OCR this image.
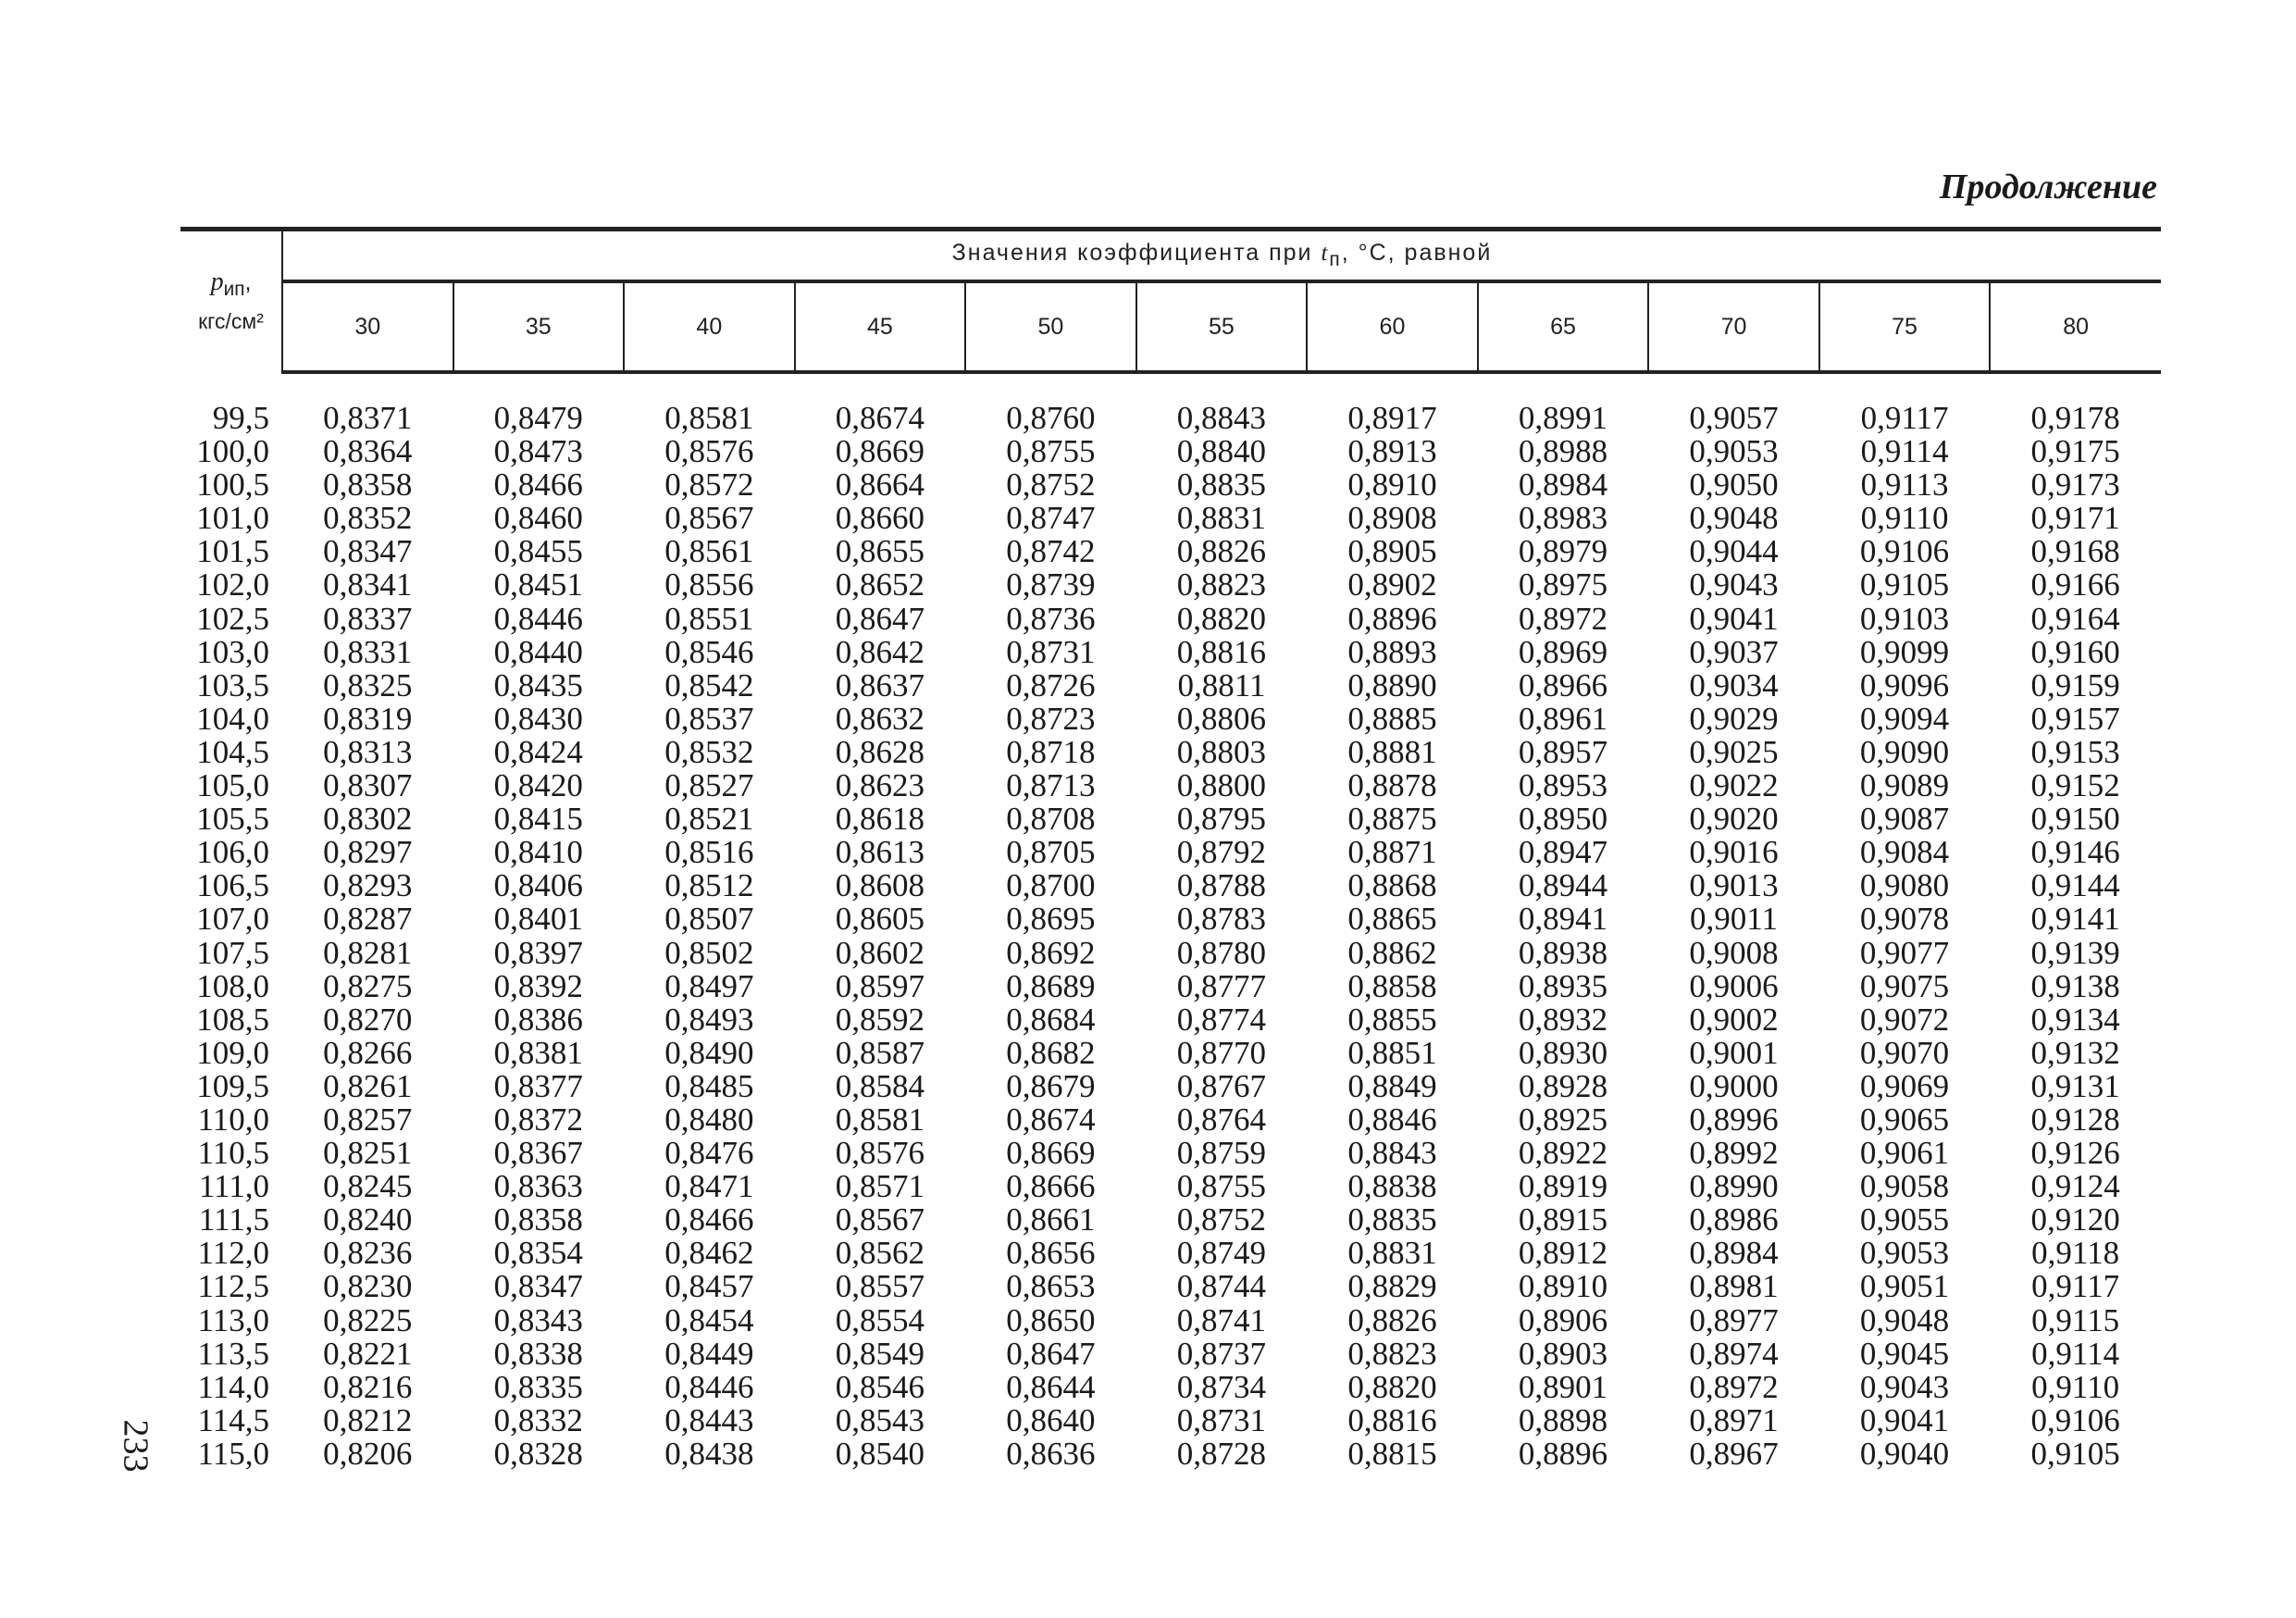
Продолжение
$p_{ип}$,
кгс/см²	Значения коэффициента при $t_п$, °С, равной										
	30	35	40	45	50	55	60	65	70	75	80

99,5	0,8371	0,8479	0,8581	0,8674	0,8760	0,8843	0,8917	0,8991	0,9057	0,9117	0,9178
100,0	0,8364	0,8473	0,8576	0,8669	0,8755	0,8840	0,8913	0,8988	0,9053	0,9114	0,9175
100,5	0,8358	0,8466	0,8572	0,8664	0,8752	0,8835	0,8910	0,8984	0,9050	0,9113	0,9173
101,0	0,8352	0,8460	0,8567	0,8660	0,8747	0,8831	0,8908	0,8983	0,9048	0,9110	0,9171
101,5	0,8347	0,8455	0,8561	0,8655	0,8742	0,8826	0,8905	0,8979	0,9044	0,9106	0,9168
102,0	0,8341	0,8451	0,8556	0,8652	0,8739	0,8823	0,8902	0,8975	0,9043	0,9105	0,9166
102,5	0,8337	0,8446	0,8551	0,8647	0,8736	0,8820	0,8896	0,8972	0,9041	0,9103	0,9164
103,0	0,8331	0,8440	0,8546	0,8642	0,8731	0,8816	0,8893	0,8969	0,9037	0,9099	0,9160
103,5	0,8325	0,8435	0,8542	0,8637	0,8726	0,8811	0,8890	0,8966	0,9034	0,9096	0,9159
104,0	0,8319	0,8430	0,8537	0,8632	0,8723	0,8806	0,8885	0,8961	0,9029	0,9094	0,9157
104,5	0,8313	0,8424	0,8532	0,8628	0,8718	0,8803	0,8881	0,8957	0,9025	0,9090	0,9153
105,0	0,8307	0,8420	0,8527	0,8623	0,8713	0,8800	0,8878	0,8953	0,9022	0,9089	0,9152
105,5	0,8302	0,8415	0,8521	0,8618	0,8708	0,8795	0,8875	0,8950	0,9020	0,9087	0,9150
106,0	0,8297	0,8410	0,8516	0,8613	0,8705	0,8792	0,8871	0,8947	0,9016	0,9084	0,9146
106,5	0,8293	0,8406	0,8512	0,8608	0,8700	0,8788	0,8868	0,8944	0,9013	0,9080	0,9144
107,0	0,8287	0,8401	0,8507	0,8605	0,8695	0,8783	0,8865	0,8941	0,9011	0,9078	0,9141
107,5	0,8281	0,8397	0,8502	0,8602	0,8692	0,8780	0,8862	0,8938	0,9008	0,9077	0,9139
108,0	0,8275	0,8392	0,8497	0,8597	0,8689	0,8777	0,8858	0,8935	0,9006	0,9075	0,9138
108,5	0,8270	0,8386	0,8493	0,8592	0,8684	0,8774	0,8855	0,8932	0,9002	0,9072	0,9134
109,0	0,8266	0,8381	0,8490	0,8587	0,8682	0,8770	0,8851	0,8930	0,9001	0,9070	0,9132
109,5	0,8261	0,8377	0,8485	0,8584	0,8679	0,8767	0,8849	0,8928	0,9000	0,9069	0,9131
110,0	0,8257	0,8372	0,8480	0,8581	0,8674	0,8764	0,8846	0,8925	0,8996	0,9065	0,9128
110,5	0,8251	0,8367	0,8476	0,8576	0,8669	0,8759	0,8843	0,8922	0,8992	0,9061	0,9126
111,0	0,8245	0,8363	0,8471	0,8571	0,8666	0,8755	0,8838	0,8919	0,8990	0,9058	0,9124
111,5	0,8240	0,8358	0,8466	0,8567	0,8661	0,8752	0,8835	0,8915	0,8986	0,9055	0,9120
112,0	0,8236	0,8354	0,8462	0,8562	0,8656	0,8749	0,8831	0,8912	0,8984	0,9053	0,9118
112,5	0,8230	0,8347	0,8457	0,8557	0,8653	0,8744	0,8829	0,8910	0,8981	0,9051	0,9117
113,0	0,8225	0,8343	0,8454	0,8554	0,8650	0,8741	0,8826	0,8906	0,8977	0,9048	0,9115
113,5	0,8221	0,8338	0,8449	0,8549	0,8647	0,8737	0,8823	0,8903	0,8974	0,9045	0,9114
114,0	0,8216	0,8335	0,8446	0,8546	0,8644	0,8734	0,8820	0,8901	0,8972	0,9043	0,9110
114,5	0,8212	0,8332	0,8443	0,8543	0,8640	0,8731	0,8816	0,8898	0,8971	0,9041	0,9106
115,0	0,8206	0,8328	0,8438	0,8540	0,8636	0,8728	0,8815	0,8896	0,8967	0,9040	0,9105
233
